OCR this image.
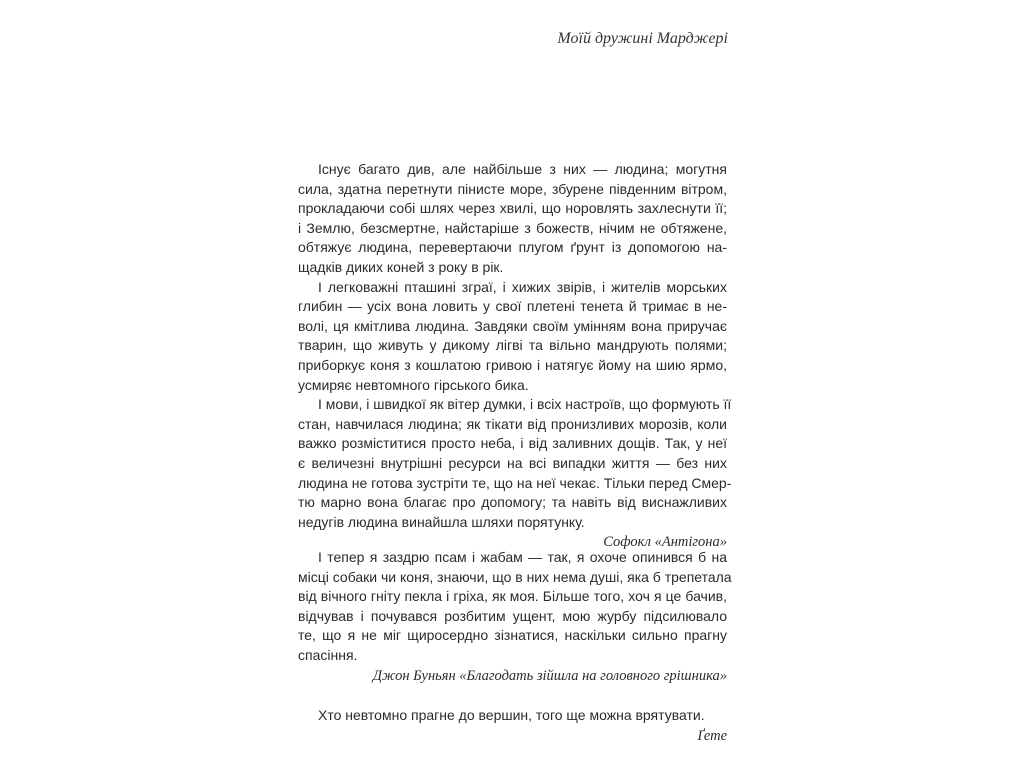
Моїй дружині Марджері
Існує багато див, але найбільше з них — людина; могутня
сила, здатна перетнути пінисте море, збурене південним вітром,
прокладаючи собі шлях через хвилі, що норовлять захлеснути її;
і Землю, безсмертне, найстаріше з божеств, нічим не обтяжене,
обтяжує людина, перевертаючи плугом ґрунт із допомогою на-
щадків диких коней з року в рік.
І легковажні пташині зграї, і хижих звірів, і жителів морських
глибин — усіх вона ловить у свої плетені тенета й тримає в не-
волі, ця кмітлива людина. Завдяки своїм умінням вона приручає
тварин, що живуть у дикому лігві та вільно мандрують полями;
приборкує коня з кошлатою гривою і натягує йому на шию ярмо,
усмиряє невтомного гірського бика.
І мови, і швидкої як вітер думки, і всіх настроїв, що формують її
стан, навчилася людина; як тікати від пронизливих морозів, коли
важко розміститися просто неба, і від заливних дощів. Так, у неї
є величезні внутрішні ресурси на всі випадки життя — без них
людина не готова зустріти те, що на неї чекає. Тільки перед Смер-
тю марно вона благає про допомогу; та навіть від виснажливих
недугів людина винайшла шляхи порятунку.
Софокл «Антігона»
І тепер я заздрю псам і жабам — так, я охоче опинився б на
місці собаки чи коня, знаючи, що в них нема душі, яка б трепетала
від вічного гніту пекла і гріха, як моя. Більше того, хоч я це бачив,
відчував і почувався розбитим ущент, мою журбу підсилювало
те, що я не міг щиросердно зізнатися, наскільки сильно прагну
спасіння.
Джон Буньян «Благодать зійшла на головного грішника»
Хто невтомно прагне до вершин, того ще можна врятувати.
Ґете
